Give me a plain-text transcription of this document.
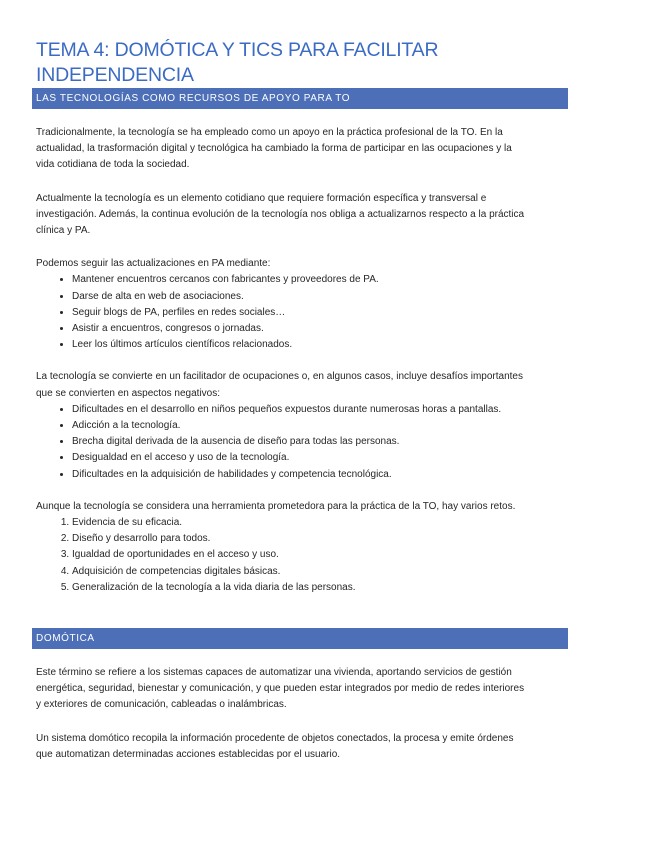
TEMA 4: DOMÓTICA Y TICS PARA FACILITAR
INDEPENDENCIA
LAS TECNOLOGÍAS COMO RECURSOS DE APOYO PARA TO

Tradicionalmente, la tecnología se ha empleado como un apoyo en la práctica profesional de la TO. En la
actualidad, la trasformación digital y tecnológica ha cambiado la forma de participar en las ocupaciones y la
vida cotidiana de toda la sociedad.

Actualmente la tecnología es un elemento cotidiano que requiere formación específica y transversal e
investigación. Además, la continua evolución de la tecnología nos obliga a actualizarnos respecto a la práctica
clínica y PA.

Podemos seguir las actualizaciones en PA mediante:

• Mantener encuentros cercanos con fabricantes y proveedores de PA.
• Darse de alta en web de asociaciones.
• Seguir blogs de PA, perfiles en redes sociales…
• Asistir a encuentros, congresos o jornadas.
• Leer los últimos artículos científicos relacionados.

La tecnología se convierte en un facilitador de ocupaciones o, en algunos casos, incluye desafíos importantes
que se convierten en aspectos negativos:

• Dificultades en el desarrollo en niños pequeños expuestos durante numerosas horas a pantallas.
• Adicción a la tecnología.
• Brecha digital derivada de la ausencia de diseño para todas las personas.
• Desigualdad en el acceso y uso de la tecnología.
• Dificultades en la adquisición de habilidades y competencia tecnológica.

Aunque la tecnología se considera una herramienta prometedora para la práctica de la TO, hay varios retos.

1. Evidencia de su eficacia.
2. Diseño y desarrollo para todos.
3. Igualdad de oportunidades en el acceso y uso.
4. Adquisición de competencias digitales básicas.
5. Generalización de la tecnología a la vida diaria de las personas.
DOMÓTICA

Este término se refiere a los sistemas capaces de automatizar una vivienda, aportando servicios de gestión
energética, seguridad, bienestar y comunicación, y que pueden estar integrados por medio de redes interiores
y exteriores de comunicación, cableadas o inalámbricas.

Un sistema domótico recopila la información procedente de objetos conectados, la procesa y emite órdenes
que automatizan determinadas acciones establecidas por el usuario.
